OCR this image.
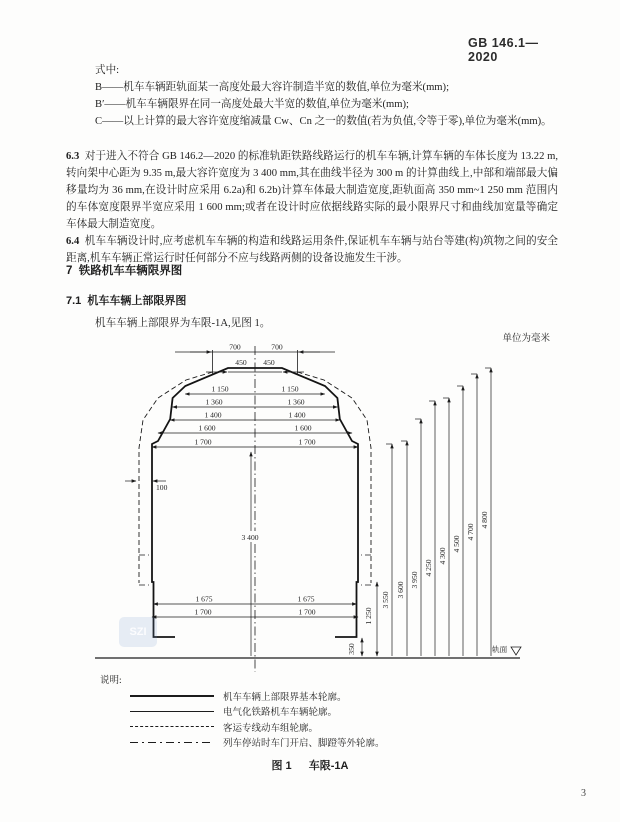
GB 146.1—2020
式中:
B——机车车辆距轨面某一高度处最大容许制造半宽的数值,单位为毫米(mm);
B′——机车车辆限界在同一高度处最大半宽的数值,单位为毫米(mm);
C——以上计算的最大容许宽度缩减量 Cw、Cn 之一的数值(若为负值,令等于零),单位为毫米(mm)。
6.3 对于进入不符合 GB 146.2—2020 的标准轨距铁路线路运行的机车车辆,计算车辆的车体长度为 13.22 m,转向架中心距为 9.35 m,最大容许宽度为 3 400 mm,其在曲线半径为 300 m 的计算曲线上,中部和端部最大偏移量均为 36 mm,在设计时应采用 6.2a)和 6.2b)计算车体最大制造宽度,距轨面高 350 mm~1 250 mm 范围内的车体宽度限界半宽应采用 1 600 mm;或者在设计时应依据线路实际的最小限界尺寸和曲线加宽量等确定车体最大制造宽度。
6.4 机车车辆设计时,应考虑机车车辆的构造和线路运用条件,保证机车车辆与站台等建(构)筑物之间的安全距离,机车车辆正常运行时任何部分不应与线路两侧的设备设施发生干涉。
7 铁路机车车辆限界图
7.1 机车车辆上部限界图
机车车辆上部限界为车限-1A,见图 1。
单位为毫米
轨面
700	700
450 450
1 150	1 150
1 360	1 360
1 400	1 400
1 600	1 600
1 700	1 700
1 675	1 675
1 700	1 700
100
3 400
350
1 250
3 550
3 600
3 950
4 250
4 300
4 500
4 700
4 800
SZI
说明:
机车车辆上部限界基本轮廓。
电气化铁路机车车辆轮廓。
客运专线动车组轮廓。
列车停站时车门开启、脚蹬等外轮廓。
图 1 车限-1A
3
